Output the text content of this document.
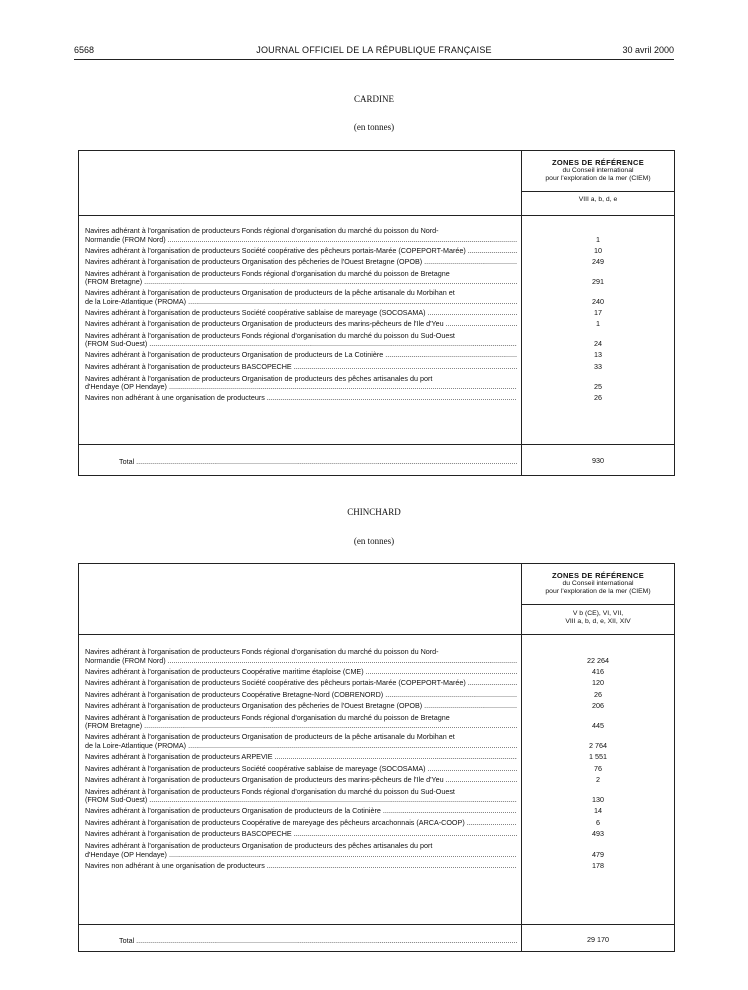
6568	JOURNAL OFFICIEL DE LA RÉPUBLIQUE FRANÇAISE	30 avril 2000
CARDINE
(en tonnes)
ZONES DE RÉFÉRENCE
du Conseil international
pour l'exploration de la mer (CIEM)
VIII a, b, d, e
Total .....	930
Navires adhérant à l'organisation de producteurs Fonds régional d'organisation du marché du poisson du Nord-
Normandie (FROM Nord) .....	1
Navires adhérant à l'organisation de producteurs Société coopérative des pêcheurs portais-Marée (COPEPORT-Marée) .....	10
Navires adhérant à l'organisation de producteurs Organisation des pêcheries de l'Ouest Bretagne (OPOB) .....	249
Navires adhérant à l'organisation de producteurs Fonds régional d'organisation du marché du poisson de Bretagne
(FROM Bretagne) .....	291
Navires adhérant à l'organisation de producteurs Organisation de producteurs de la pêche artisanale du Morbihan et
de la Loire-Atlantique (PROMA) .....	240
Navires adhérant à l'organisation de producteurs Société coopérative sablaise de mareyage (SOCOSAMA) .....	17
Navires adhérant à l'organisation de producteurs Organisation de producteurs des marins-pêcheurs de l'Ile d'Yeu .....	1
Navires adhérant à l'organisation de producteurs Fonds régional d'organisation du marché du poisson du Sud-Ouest
(FROM Sud-Ouest) .....	24
Navires adhérant à l'organisation de producteurs Organisation de producteurs de La Cotinière .....	13
Navires adhérant à l'organisation de producteurs BASCOPECHE .....	33
Navires adhérant à l'organisation de producteurs Organisation de producteurs des pêches artisanales du port
d'Hendaye (OP Hendaye) .....	25
Navires non adhérant à une organisation de producteurs .....	26
CHINCHARD
(en tonnes)
ZONES DE RÉFÉRENCE
du Conseil international
pour l'exploration de la mer (CIEM)
V b (CE), VI, VII,
VIII a, b, d, e, XII, XIV
Total .....	29 170
Navires adhérant à l'organisation de producteurs Fonds régional d'organisation du marché du poisson du Nord-
Normandie (FROM Nord) .....	22 264
Navires adhérant à l'organisation de producteurs Coopérative maritime étaploise (CME) .....	416
Navires adhérant à l'organisation de producteurs Société coopérative des pêcheurs portais-Marée (COPEPORT-Marée) .....	120
Navires adhérant à l'organisation de producteurs Coopérative Bretagne-Nord (COBRENORD) .....	26
Navires adhérant à l'organisation de producteurs Organisation des pêcheries de l'Ouest Bretagne (OPOB) .....	206
Navires adhérant à l'organisation de producteurs Fonds régional d'organisation du marché du poisson de Bretagne
(FROM Bretagne) .....	445
Navires adhérant à l'organisation de producteurs Organisation de producteurs de la pêche artisanale du Morbihan et
de la Loire-Atlantique (PROMA) .....	2 764
Navires adhérant à l'organisation de producteurs ARPEVIE .....	1 551
Navires adhérant à l'organisation de producteurs Société coopérative sablaise de mareyage (SOCOSAMA) .....	76
Navires adhérant à l'organisation de producteurs Organisation de producteurs des marins-pêcheurs de l'Ile d'Yeu .....	2
Navires adhérant à l'organisation de producteurs Fonds régional d'organisation du marché du poisson du Sud-Ouest
(FROM Sud-Ouest) .....	130
Navires adhérant à l'organisation de producteurs Organisation de producteurs de la Cotinière .....	14
Navires adhérant à l'organisation de producteurs Coopérative de mareyage des pêcheurs arcachonnais (ARCA-COOP) .....	6
Navires adhérant à l'organisation de producteurs BASCOPECHE .....	493
Navires adhérant à l'organisation de producteurs Organisation de producteurs des pêches artisanales du port
d'Hendaye (OP Hendaye) .....	479
Navires non adhérant à une organisation de producteurs .....	178
